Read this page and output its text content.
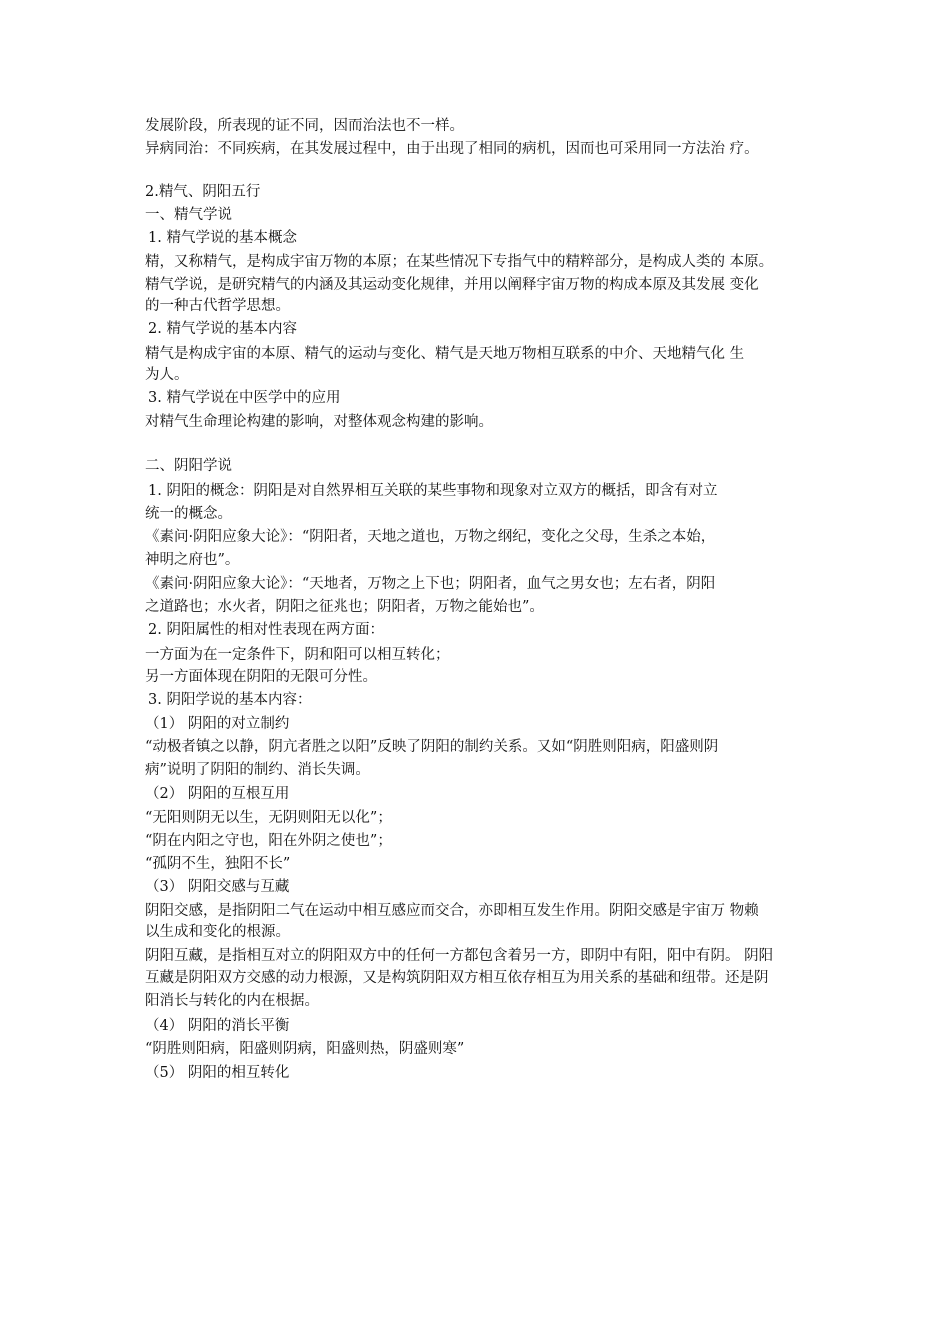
发展阶段，所表现的证不同，因而治法也不一样。
异病同治：不同疾病，在其发展过程中，由于出现了相同的病机，因而也可采用同一方法治 疗。
2.精气、阴阳五行
一、精气学说
1. 精气学说的基本概念
精，又称精气，是构成宇宙万物的本原；在某些情况下专指气中的精粹部分，是构成人类的 本原。
精气学说，是研究精气的内涵及其运动变化规律，并用以阐释宇宙万物的构成本原及其发展 变化
的一种古代哲学思想。
2. 精气学说的基本内容
精气是构成宇宙的本原、精气的运动与变化、精气是天地万物相互联系的中介、天地精气化 生
为人。
3. 精气学说在中医学中的应用
对精气生命理论构建的影响，对整体观念构建的影响。
二、阴阳学说
1. 阴阳的概念：阴阳是对自然界相互关联的某些事物和现象对立双方的概括，即含有对立
统一的概念。
《素问·阴阳应象大论》：“阴阳者，天地之道也，万物之纲纪，变化之父母，生杀之本始，
神明之府也”。
《素问·阴阳应象大论》：“天地者，万物之上下也；阴阳者，血气之男女也；左右者，阴阳
之道路也；水火者，阴阳之征兆也；阴阳者，万物之能始也”。
2. 阴阳属性的相对性表现在两方面：
一方面为在一定条件下，阴和阳可以相互转化；
另一方面体现在阴阳的无限可分性。
3. 阴阳学说的基本内容：
（1） 阴阳的对立制约
“动极者镇之以静，阴亢者胜之以阳”反映了阴阳的制约关系。又如“阴胜则阳病，阳盛则阴
病”说明了阴阳的制约、消长失调。
（2） 阴阳的互根互用
“无阳则阴无以生，无阴则阳无以化”；
“阴在内阳之守也，阳在外阴之使也”；
“孤阴不生，独阳不长”
（3） 阴阳交感与互藏
阴阳交感，是指阴阳二气在运动中相互感应而交合，亦即相互发生作用。阴阳交感是宇宙万 物赖
以生成和变化的根源。
阴阳互藏，是指相互对立的阴阳双方中的任何一方都包含着另一方，即阴中有阳，阳中有阴。 阴阳
互藏是阴阳双方交感的动力根源，又是构筑阴阳双方相互依存相互为用关系的基础和纽带。还是阴
阳消长与转化的内在根据。
（4） 阴阳的消长平衡
“阴胜则阳病，阳盛则阴病，阳盛则热，阴盛则寒”
（5） 阴阳的相互转化
